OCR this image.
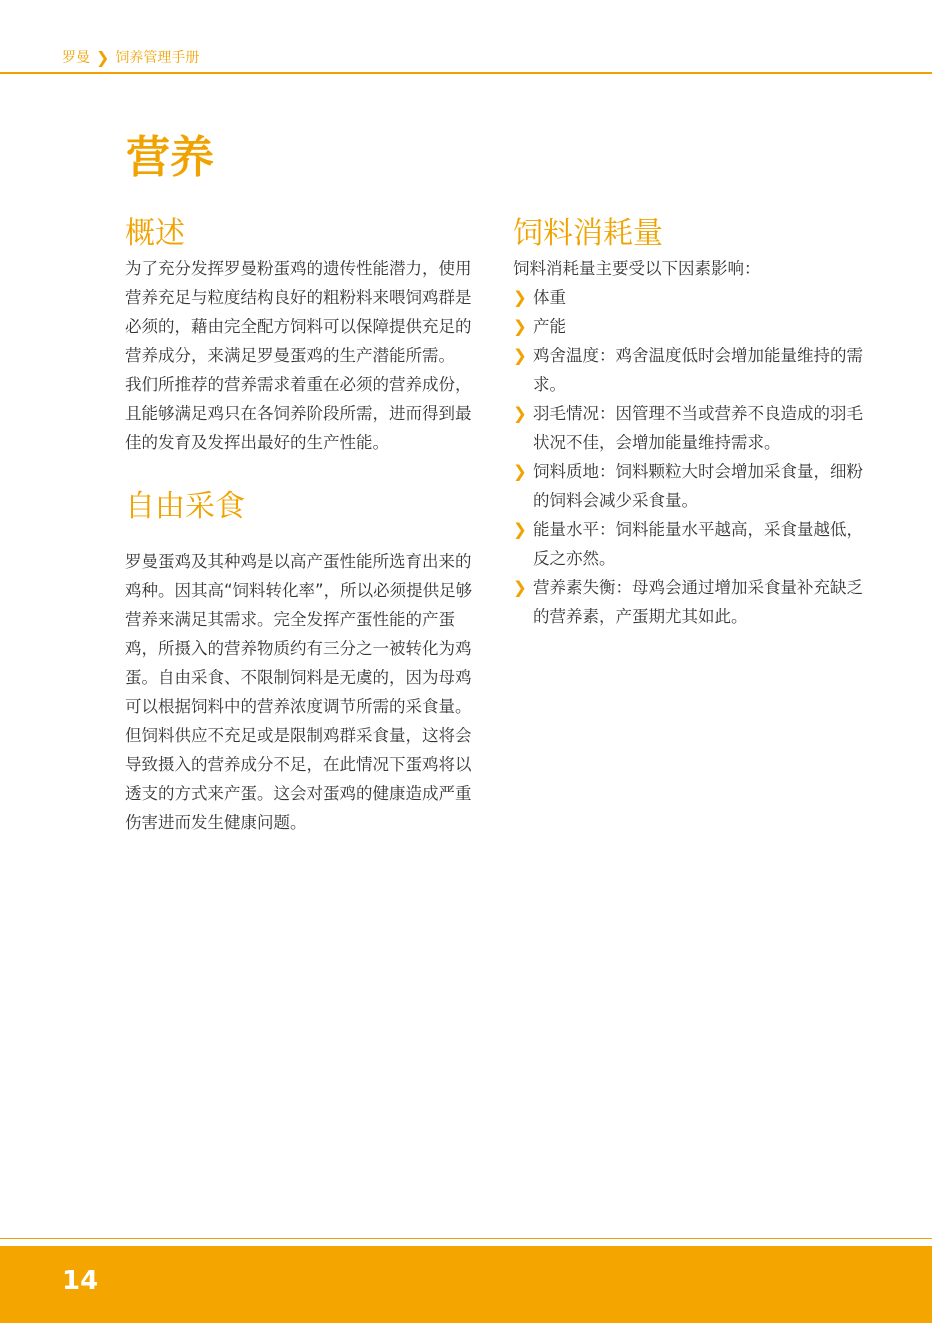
罗曼 ❯ 饲养管理手册
营养
概述

为了充分发挥罗曼粉蛋鸡的遗传性能潜力，使用营养充足与粒度结构良好的粗粉料来喂饲鸡群是必须的，藉由完全配方饲料可以保障提供充足的营养成分，来满足罗曼蛋鸡的生产潜能所需。

我们所推荐的营养需求着重在必须的营养成份，且能够满足鸡只在各饲养阶段所需，进而得到最佳的发育及发挥出最好的生产性能。

自由采食

罗曼蛋鸡及其种鸡是以高产蛋性能所选育出来的鸡种。因其高“饲料转化率”，所以必须提供足够营养来满足其需求。完全发挥产蛋性能的产蛋鸡，所摄入的营养物质约有三分之一被转化为鸡蛋。自由采食、不限制饲料是无虞的，因为母鸡可以根据饲料中的营养浓度调节所需的采食量。但饲料供应不充足或是限制鸡群采食量，这将会导致摄入的营养成分不足，在此情况下蛋鸡将以透支的方式来产蛋。这会对蛋鸡的健康造成严重伤害进而发生健康问题。

饲料消耗量

饲料消耗量主要受以下因素影响：

❯ 体重
❯ 产能
❯ 鸡舍温度：鸡舍温度低时会增加能量维持的需求。
❯ 羽毛情况：因管理不当或营养不良造成的羽毛状况不佳，会增加能量维持需求。
❯ 饲料质地：饲料颗粒大时会增加采食量，细粉的饲料会减少采食量。
❯ 能量水平：饲料能量水平越高，采食量越低，反之亦然。
❯ 营养素失衡：母鸡会通过增加采食量补充缺乏的营养素，产蛋期尤其如此。
14
